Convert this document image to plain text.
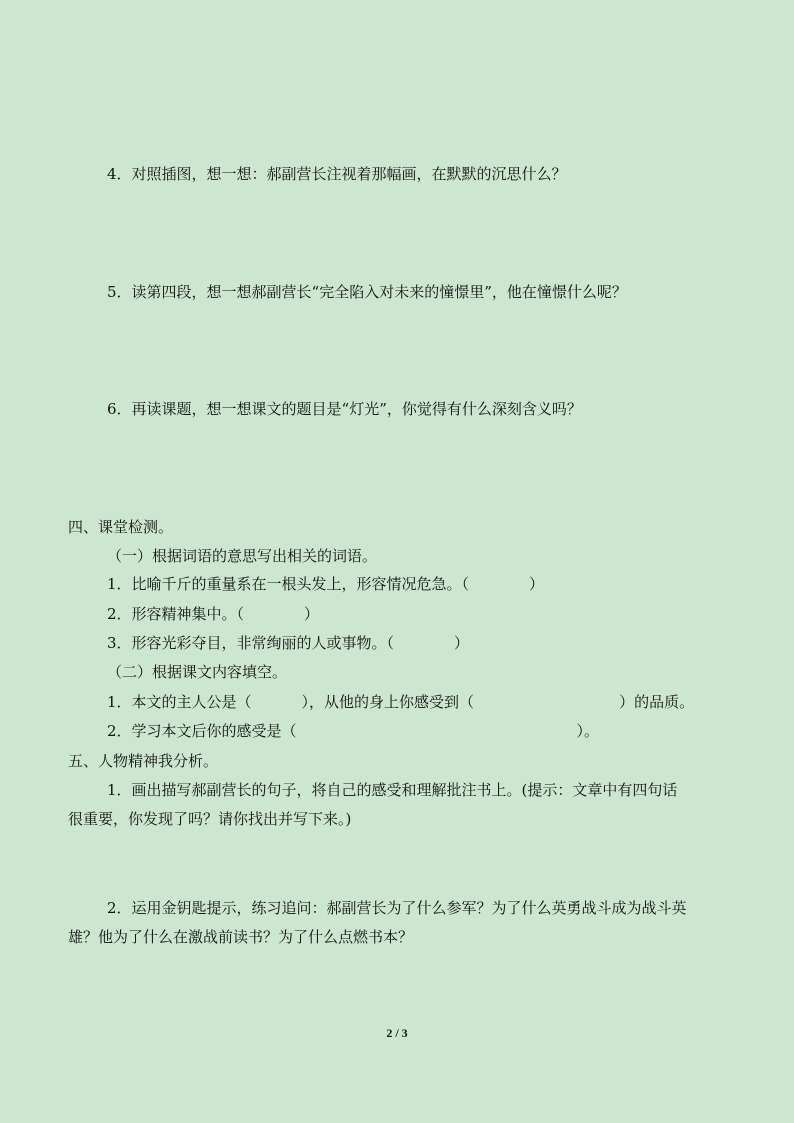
4．对照插图，想一想：郝副营长注视着那幅画，在默默的沉思什么？
5．读第四段，想一想郝副营长“完全陷入对未来的憧憬里”，他在憧憬什么呢？
6．再读课题，想一想课文的题目是“灯光”，你觉得有什么深刻含义吗？
四、课堂检测。
（一）根据词语的意思写出相关的词语。
1．比喻千斤的重量系在一根头发上，形容情况危急。（	）
2．形容精神集中。（	）
3．形容光彩夺目，非常绚丽的人或事物。（	）
（二）根据课文内容填空。
1．本文的主人公是（	），从他的身上你感受到（	）的品质。
2．学习本文后你的感受是（	）。
五、人物精神我分析。
1．画出描写郝副营长的句子，将自己的感受和理解批注书上。(提示：文章中有四句话
很重要，你发现了吗？请你找出并写下来。)
2．运用金钥匙提示，练习追问：郝副营长为了什么参军？为了什么英勇战斗成为战斗英
雄？他为了什么在激战前读书？为了什么点燃书本？
2 / 3
